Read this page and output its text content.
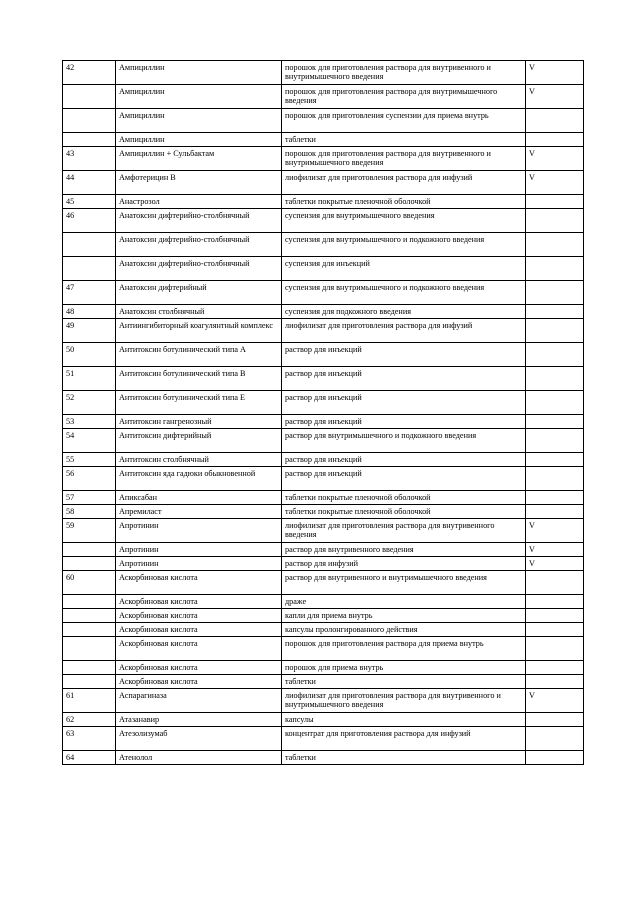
42	Ампициллин	порошок для приготовления раствора для внутривенного и внутримышечного введения	V
	Ампициллин	порошок для приготовления раствора для внутримышечного введения	V
	Ампициллин	порошок для приготовления суспензии для приема внутрь	
	Ампициллин	таблетки	
43	Ампициллин + Сульбактам	порошок для приготовления раствора для внутривенного и внутримышечного введения	V
44	Амфотерицин В	лиофилизат для приготовления раствора для инфузий	V
45	Анастрозол	таблетки покрытые пленочной оболочкой	
46	Анатоксин дифтерийно-столбнячный	суспензия для внутримышечного введения	
	Анатоксин дифтерийно-столбнячный	суспензия для внутримышечного и подкожного введения	
	Анатоксин дифтерийно-столбнячный	суспензия для инъекций	
47	Анатоксин дифтерийный	суспензия для внутримышечного и подкожного введения	
48	Анатоксин столбнячный	суспензия для подкожного введения	
49	Антиингибиторный коагулянтный комплекс	лиофилизат для приготовления раствора для инфузий	
50	Антитоксин ботулинический типа А	раствор для инъекций	
51	Антитоксин ботулинический типа В	раствор для инъекций	
52	Антитоксин ботулинический типа Е	раствор для инъекций	
53	Антитоксин гангренозный	раствор для инъекций	
54	Антитоксин дифтерийный	раствор для внутримышечного и подкожного введения	
55	Антитоксин столбнячный	раствор для инъекций	
56	Антитоксин яда гадюки обыкновенной	раствор для инъекций	
57	Апиксабан	таблетки покрытые пленочной оболочкой	
58	Апремиласт	таблетки покрытые пленочной оболочкой	
59	Апротинин	лиофилизат для приготовления раствора для внутривенного введения	V
	Апротинин	раствор для внутривенного введения	V
	Апротинин	раствор для инфузий	V
60	Аскорбиновая кислота	раствор для внутривенного и внутримышечного введения	
	Аскорбиновая кислота	драже	
	Аскорбиновая кислота	капли для приема внутрь	
	Аскорбиновая кислота	капсулы пролонгированного действия	
	Аскорбиновая кислота	порошок для приготовления раствора для приема внутрь	
	Аскорбиновая кислота	порошок для приема внутрь	
	Аскорбиновая кислота	таблетки	
61	Аспарагиназа	лиофилизат для приготовления раствора для внутривенного и внутримышечного введения	V
62	Атазанавир	капсулы	
63	Атезолизумаб	концентрат для приготовления раствора для инфузий	
64	Атенолол	таблетки	
